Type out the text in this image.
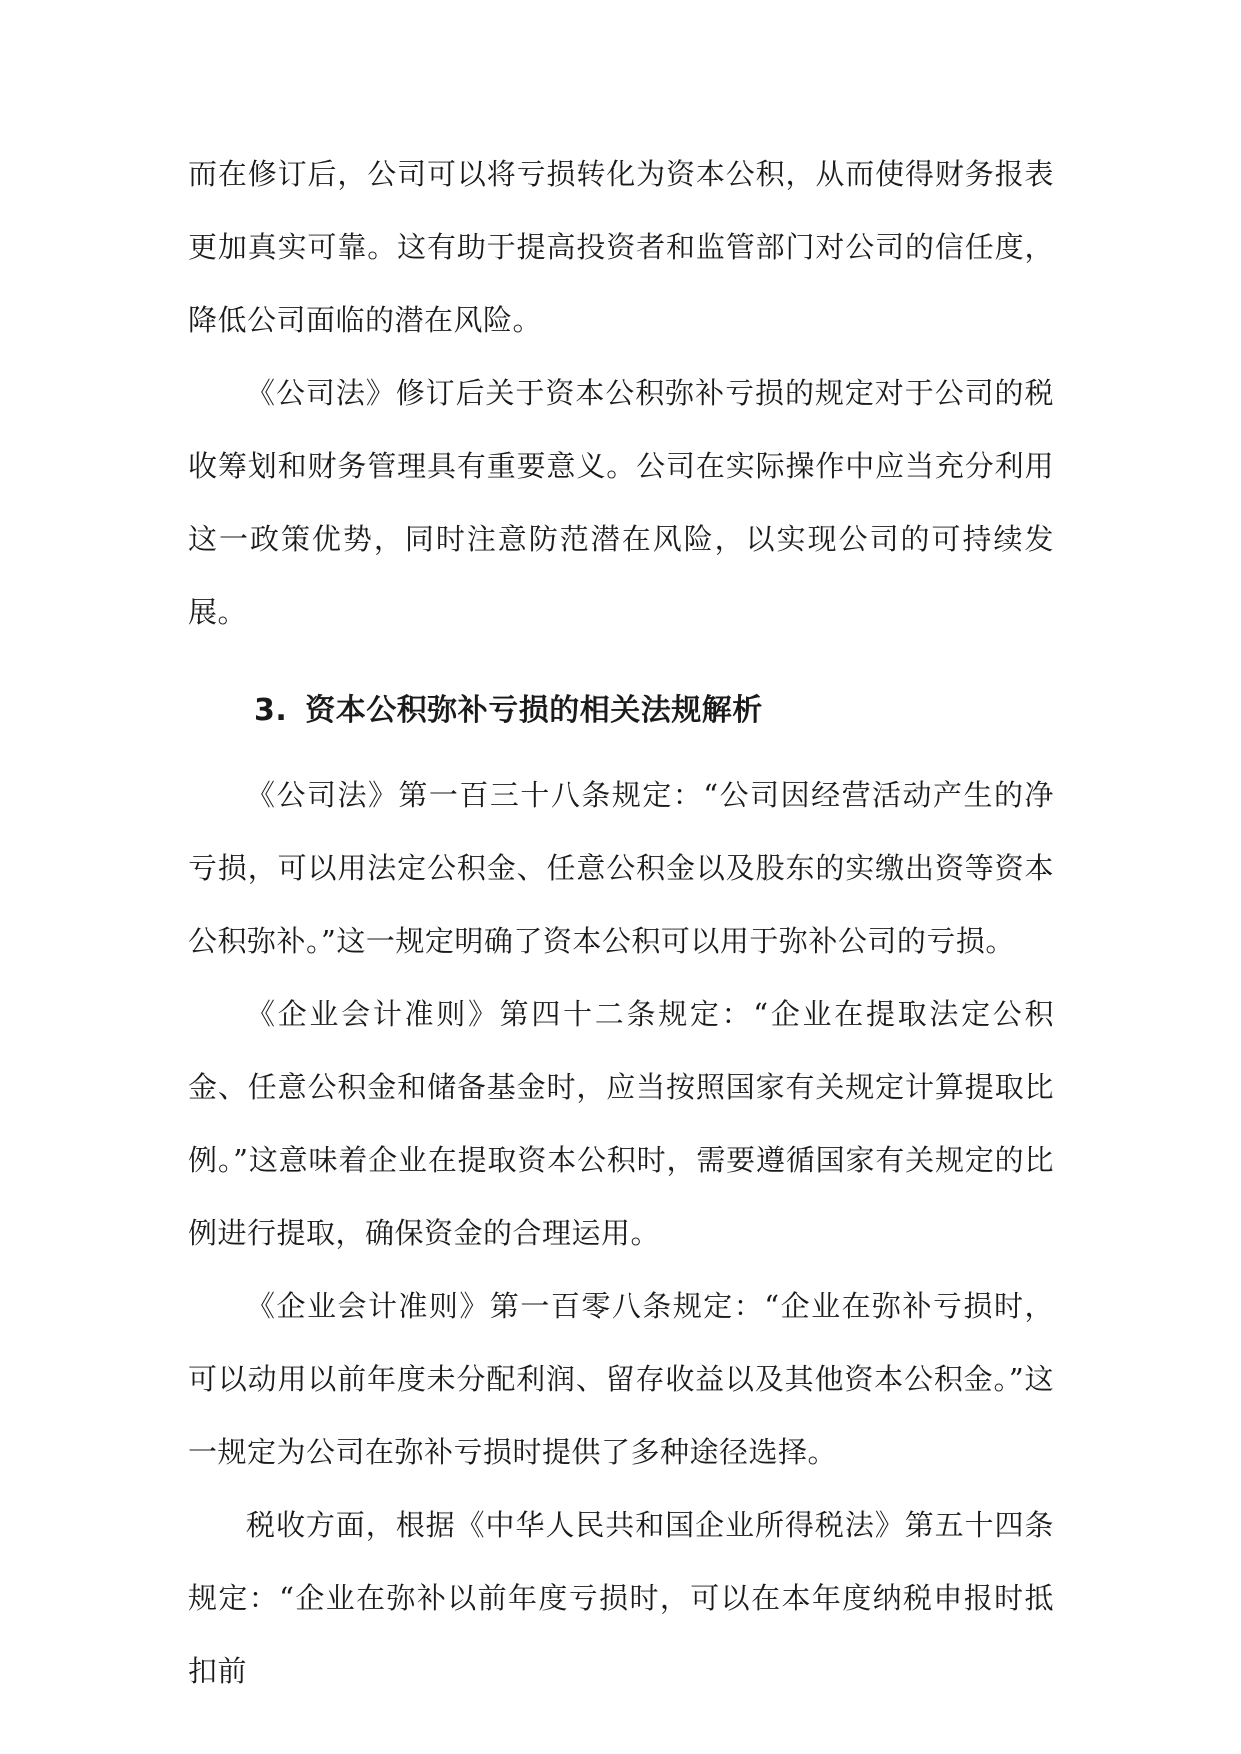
而在修订后，公司可以将亏损转化为资本公积，从而使得财务报表更加真实可靠。这有助于提高投资者和监管部门对公司的信任度，降低公司面临的潜在风险。

《公司法》修订后关于资本公积弥补亏损的规定对于公司的税收筹划和财务管理具有重要意义。公司在实际操作中应当充分利用这一政策优势，同时注意防范潜在风险，以实现公司的可持续发展。

3. 资本公积弥补亏损的相关法规解析

《公司法》第一百三十八条规定：“公司因经营活动产生的净亏损，可以用法定公积金、任意公积金以及股东的实缴出资等资本公积弥补。”这一规定明确了资本公积可以用于弥补公司的亏损。

《企业会计准则》第四十二条规定：“企业在提取法定公积金、任意公积金和储备基金时，应当按照国家有关规定计算提取比例。”这意味着企业在提取资本公积时，需要遵循国家有关规定的比例进行提取，确保资金的合理运用。

《企业会计准则》第一百零八条规定：“企业在弥补亏损时，可以动用以前年度未分配利润、留存收益以及其他资本公积金。”这一规定为公司在弥补亏损时提供了多种途径选择。

税收方面，根据《中华人民共和国企业所得税法》第五十四条规定：“企业在弥补以前年度亏损时，可以在本年度纳税申报时抵扣前
